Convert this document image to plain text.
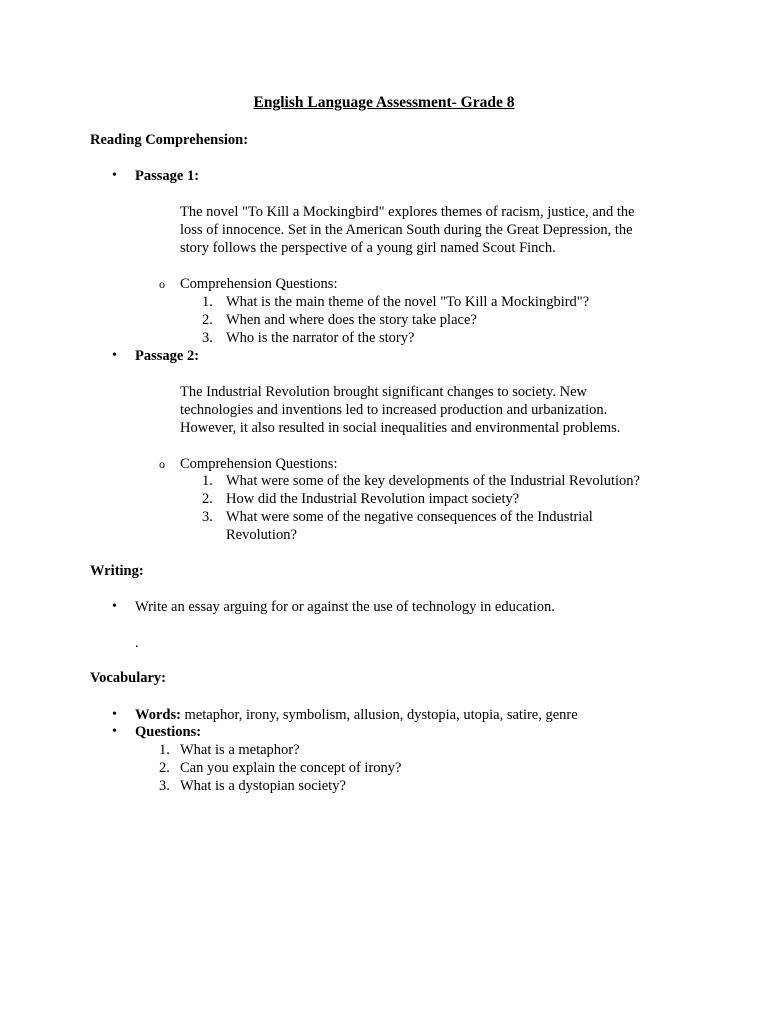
English Language Assessment- Grade 8
Reading Comprehension:
• Passage 1:
The novel "To Kill a Mockingbird" explores themes of racism, justice, and the
loss of innocence. Set in the American South during the Great Depression, the
story follows the perspective of a young girl named Scout Finch.
o Comprehension Questions:
1. What is the main theme of the novel "To Kill a Mockingbird"?
2. When and where does the story take place?
3. Who is the narrator of the story?
• Passage 2:
The Industrial Revolution brought significant changes to society. New
technologies and inventions led to increased production and urbanization.
However, it also resulted in social inequalities and environmental problems.
o Comprehension Questions:
1. What were some of the key developments of the Industrial Revolution?
2. How did the Industrial Revolution impact society?
3. What were some of the negative consequences of the Industrial
Revolution?
Writing:
• Write an essay arguing for or against the use of technology in education.
.
Vocabulary:
• Words: metaphor, irony, symbolism, allusion, dystopia, utopia, satire, genre
• Questions:
1. What is a metaphor?
2. Can you explain the concept of irony?
3. What is a dystopian society?
